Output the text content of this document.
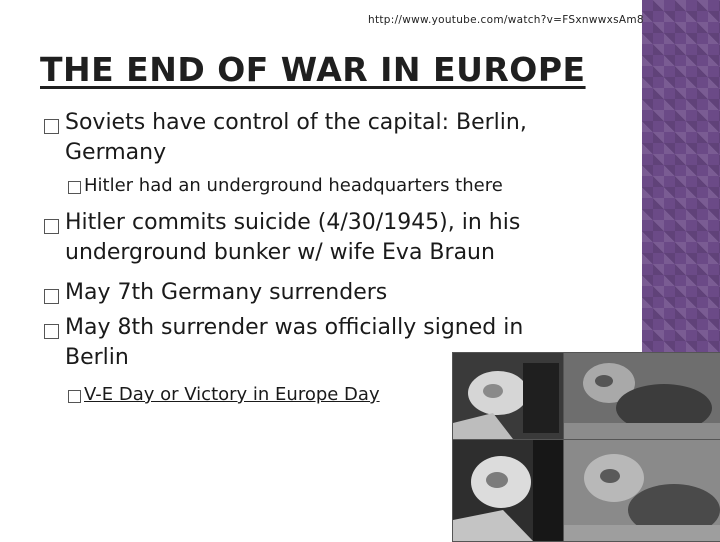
http://www.youtube.com/watch?v=FSxnwwxsAm8
THE END OF WAR IN EUROPE
Soviets have control of the capital: Berlin,
Germany
Hitler had an underground headquarters there
Hitler commits suicide (4/30/1945), in his
underground bunker w/ wife Eva Braun
May 7th Germany surrenders
May 8th surrender was officially signed in
Berlin
V-E Day or Victory in Europe Day
